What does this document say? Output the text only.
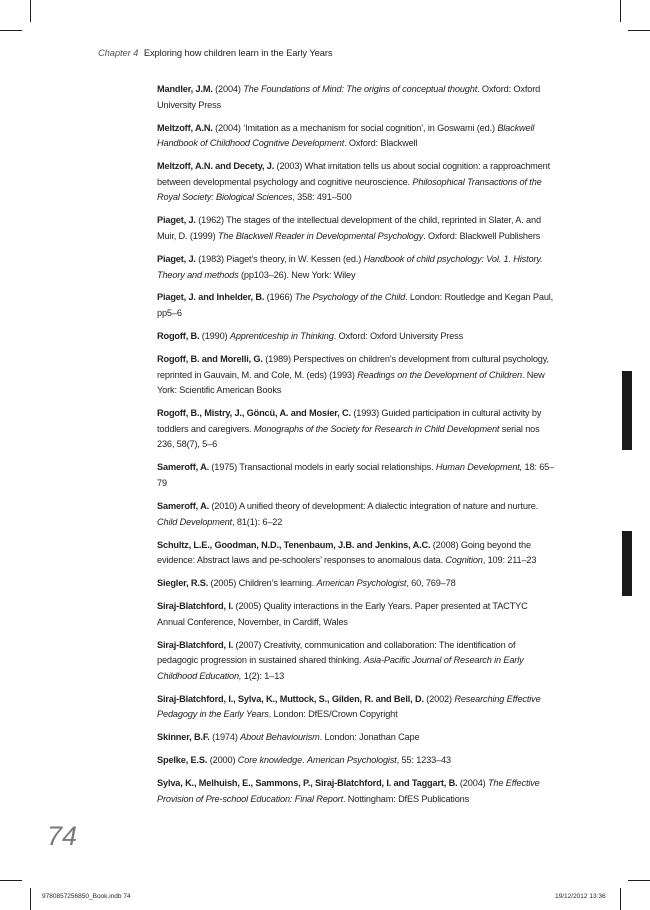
Chapter 4 Exploring how children learn in the Early Years

Mandler, J.M. (2004) The Foundations of Mind: The origins of conceptual thought. Oxford: Oxford University Press

Meltzoff, A.N. (2004) ‘Imitation as a mechanism for social cognition’, in Goswami (ed.) Blackwell Handbook of Childhood Cognitive Development. Oxford: Blackwell

Meltzoff, A.N. and Decety, J. (2003) What imitation tells us about social cognition: a rapproachment between developmental psychology and cognitive neuroscience. Philosophical Transactions of the Royal Society: Biological Sciences, 358: 491–500

Piaget, J. (1962) The stages of the intellectual development of the child, reprinted in Slater, A. and Muir, D. (1999) The Blackwell Reader in Developmental Psychology. Oxford: Blackwell Publishers

Piaget, J. (1983) Piaget’s theory, in W. Kessen (ed.) Handbook of child psychology: Vol. 1. History. Theory and methods (pp103–26). New York: Wiley

Piaget, J. and Inhelder, B. (1966) The Psychology of the Child. London: Routledge and Kegan Paul, pp5–6

Rogoff, B. (1990) Apprenticeship in Thinking. Oxford: Oxford University Press

Rogoff, B. and Morelli, G. (1989) Perspectives on children’s development from cultural psychology, reprinted in Gauvain, M. and Cole, M. (eds) (1993) Readings on the Development of Children. New York: Scientific American Books

Rogoff, B., Mistry, J., Göncü, A. and Mosier, C. (1993) Guided participation in cultural activity by toddlers and caregivers. Monographs of the Society for Research in Child Development serial nos 236, 58(7), 5–6

Sameroff, A. (1975) Transactional models in early social relationships. Human Development, 18: 65–79

Sameroff, A. (2010) A unified theory of development: A dialectic integration of nature and nurture. Child Development, 81(1): 6–22

Schultz, L.E., Goodman, N.D., Tenenbaum, J.B. and Jenkins, A.C. (2008) Going beyond the evidence: Abstract laws and pe-schoolers’ responses to anomalous data. Cognition, 109: 211–23

Siegler, R.S. (2005) Children’s learning. American Psychologist, 60, 769–78

Siraj-Blatchford, I. (2005) Quality interactions in the Early Years. Paper presented at TACTYC Annual Conference, November, in Cardiff, Wales

Siraj-Blatchford, I. (2007) Creativity, communication and collaboration: The identification of pedagogic progression in sustained shared thinking. Asia-Pacific Journal of Research in Early Childhood Education, 1(2): 1–13

Siraj-Blatchford, I., Sylva, K., Muttock, S., Gilden, R. and Bell, D. (2002) Researching Effective Pedagogy in the Early Years. London: DfES/Crown Copyright

Skinner, B.F. (1974) About Behaviourism. London: Jonathan Cape

Spelke, E.S. (2000) Core knowledge. American Psychologist, 55: 1233–43

Sylva, K., Melhuish, E., Sammons, P., Siraj-Blatchford, I. and Taggart, B. (2004) The Effective Provision of Pre-school Education: Final Report. Nottingham: DfES Publications

74
9780857256850_Book.indb 74	19/12/2012 13:36
